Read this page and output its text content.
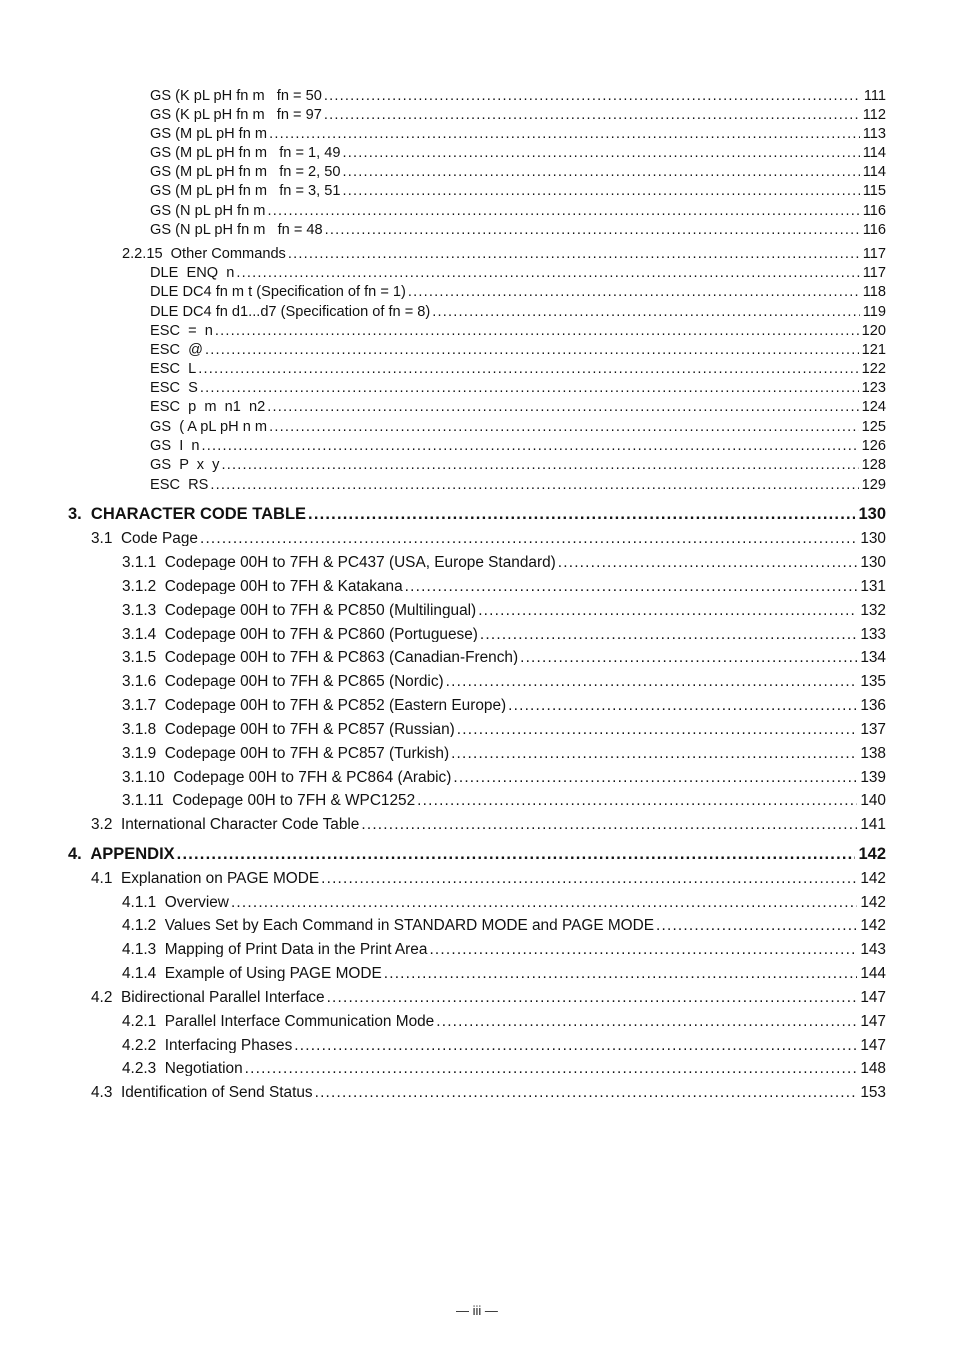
GS (K pL pH fn m   fn = 50 .....	111
GS (K pL pH fn m   fn = 97 .....	112
GS (M pL pH fn m .....	113
GS (M pL pH fn m   fn = 1, 49 .....	114
GS (M pL pH fn m   fn = 2, 50 .....	114
GS (M pL pH fn m   fn = 3, 51 .....	115
GS (N pL pH fn m .....	116
GS (N pL pH fn m   fn = 48 .....	116
2.2.15  Other Commands .....	117
DLE  ENQ  n .....	117
DLE DC4 fn m t (Specification of fn = 1) .....	118
DLE DC4 fn d1...d7 (Specification of fn = 8) .....	119
ESC  =  n .....	120
ESC  @ .....	121
ESC  L .....	122
ESC  S .....	123
ESC  p  m  n1  n2 .....	124
GS  ( A pL pH n m .....	125
GS  I  n .....	126
GS  P  x  y .....	128
ESC  RS .....	129
3.  CHARACTER CODE TABLE .....	130
3.1  Code Page .....	130
3.1.1  Codepage 00H to 7FH & PC437 (USA, Europe Standard) .....	130
3.1.2  Codepage 00H to 7FH & Katakana .....	131
3.1.3  Codepage 00H to 7FH & PC850 (Multilingual) .....	132
3.1.4  Codepage 00H to 7FH & PC860 (Portuguese) .....	133
3.1.5  Codepage 00H to 7FH & PC863 (Canadian-French) .....	134
3.1.6  Codepage 00H to 7FH & PC865 (Nordic) .....	135
3.1.7  Codepage 00H to 7FH & PC852 (Eastern Europe) .....	136
3.1.8  Codepage 00H to 7FH & PC857 (Russian) .....	137
3.1.9  Codepage 00H to 7FH & PC857 (Turkish) .....	138
3.1.10  Codepage 00H to 7FH & PC864 (Arabic) .....	139
3.1.11  Codepage 00H to 7FH & WPC1252 .....	140
3.2  International Character Code Table .....	141
4.  APPENDIX .....	142
4.1  Explanation on PAGE MODE .....	142
4.1.1  Overview .....	142
4.1.2  Values Set by Each Command in STANDARD MODE and PAGE MODE .....	142
4.1.3  Mapping of Print Data in the Print Area .....	143
4.1.4  Example of Using PAGE MODE .....	144
4.2  Bidirectional Parallel Interface .....	147
4.2.1  Parallel Interface Communication Mode .....	147
4.2.2  Interfacing Phases .....	147
4.2.3  Negotiation .....	148
4.3  Identification of Send Status .....	153
— iii —
